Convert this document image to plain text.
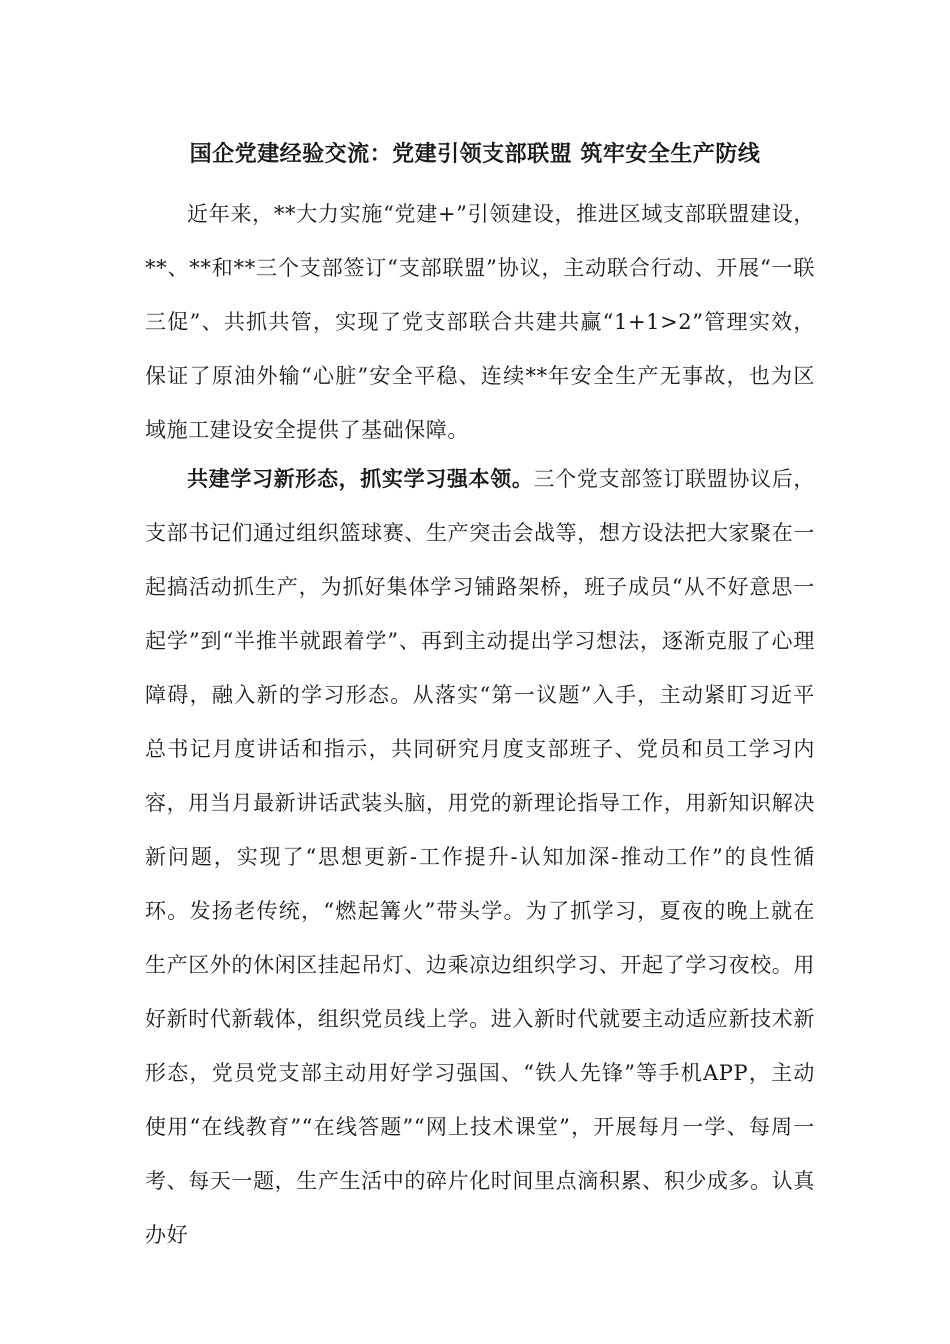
国企党建经验交流：党建引领支部联盟 筑牢安全生产防线

近年来，**大力实施“党建+”引领建设，推进区域支部联盟建设，**、**和**三个支部签订“支部联盟”协议，主动联合行动、开展“一联三促”、共抓共管，实现了党支部联合共建共赢“1+1>2”管理实效，保证了原油外输“心脏”安全平稳、连续**年安全生产无事故，也为区域施工建设安全提供了基础保障。

共建学习新形态，抓实学习强本领。三个党支部签订联盟协议后，支部书记们通过组织篮球赛、生产突击会战等，想方设法把大家聚在一起搞活动抓生产，为抓好集体学习铺路架桥，班子成员“从不好意思一起学”到“半推半就跟着学”、再到主动提出学习想法，逐渐克服了心理障碍，融入新的学习形态。从落实“第一议题”入手，主动紧盯习近平总书记月度讲话和指示，共同研究月度支部班子、党员和员工学习内容，用当月最新讲话武装头脑，用党的新理论指导工作，用新知识解决新问题，实现了“思想更新-工作提升-认知加深-推动工作”的良性循环。发扬老传统，“燃起篝火”带头学。为了抓学习，夏夜的晚上就在生产区外的休闲区挂起吊灯、边乘凉边组织学习、开起了学习夜校。用好新时代新载体，组织党员线上学。进入新时代就要主动适应新技术新形态，党员党支部主动用好学习强国、“铁人先锋”等手机APP，主动使用“在线教育”“在线答题”“网上技术课堂”，开展每月一学、每周一考、每天一题，生产生活中的碎片化时间里点滴积累、积少成多。认真办好
